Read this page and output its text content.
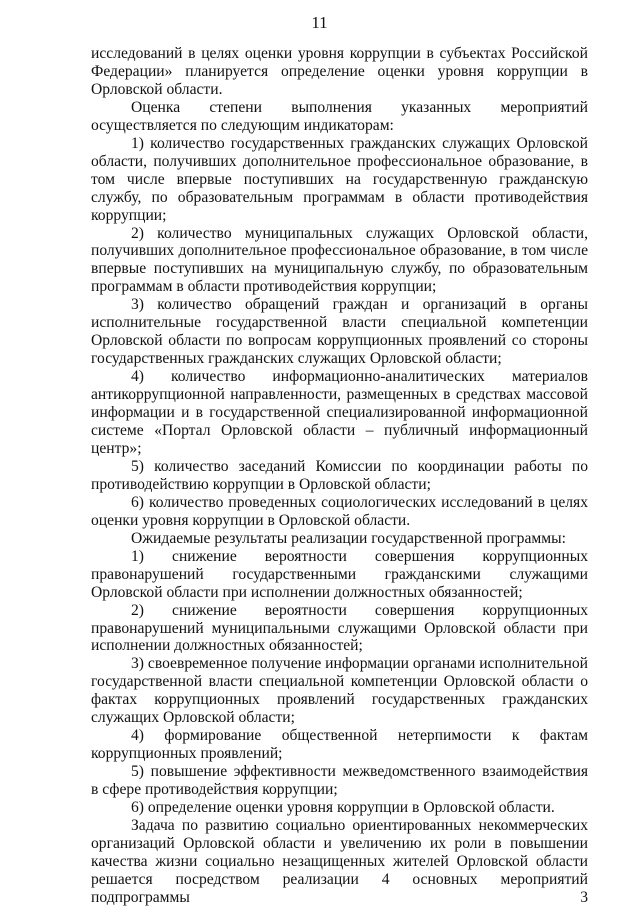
11

исследований в целях оценки уровня коррупции в субъектах Российской Федерации» планируется определение оценки уровня коррупции в Орловской области.

Оценка степени выполнения указанных мероприятий осуществляется по следующим индикаторам:

1) количество государственных гражданских служащих Орловской области, получивших дополнительное профессиональное образование, в том числе впервые поступивших на государственную гражданскую службу, по образовательным программам в области противодействия коррупции;

2) количество муниципальных служащих Орловской области, получивших дополнительное профессиональное образование, в том числе впервые поступивших на муниципальную службу, по образовательным программам в области противодействия коррупции;

3) количество обращений граждан и организаций в органы исполнительные государственной власти специальной компетенции Орловской области по вопросам коррупционных проявлений со стороны государственных гражданских служащих Орловской области;

4) количество информационно-аналитических материалов антикоррупционной направленности, размещенных в средствах массовой информации и в государственной специализированной информационной системе «Портал Орловской области – публичный информационный центр»;

5) количество заседаний Комиссии по координации работы по противодействию коррупции в Орловской области;

6) количество проведенных социологических исследований в целях оценки уровня коррупции в Орловской области.

Ожидаемые результаты реализации государственной программы:

1) снижение вероятности совершения коррупционных правонарушений государственными гражданскими служащими Орловской области при исполнении должностных обязанностей;

2) снижение вероятности совершения коррупционных правонарушений муниципальными служащими Орловской области при исполнении должностных обязанностей;

3) своевременное получение информации органами исполнительной государственной власти специальной компетенции Орловской области о фактах коррупционных проявлений государственных гражданских служащих Орловской области;

4) формирование общественной нетерпимости к фактам коррупционных проявлений;

5) повышение эффективности межведомственного взаимодействия в сфере противодействия коррупции;

6) определение оценки уровня коррупции в Орловской области.

Задача по развитию социально ориентированных некоммерческих организаций Орловской области и увеличению их роли в повышении качества жизни социально незащищенных жителей Орловской области решается посредством реализации 4 основных мероприятий подпрограммы 3
